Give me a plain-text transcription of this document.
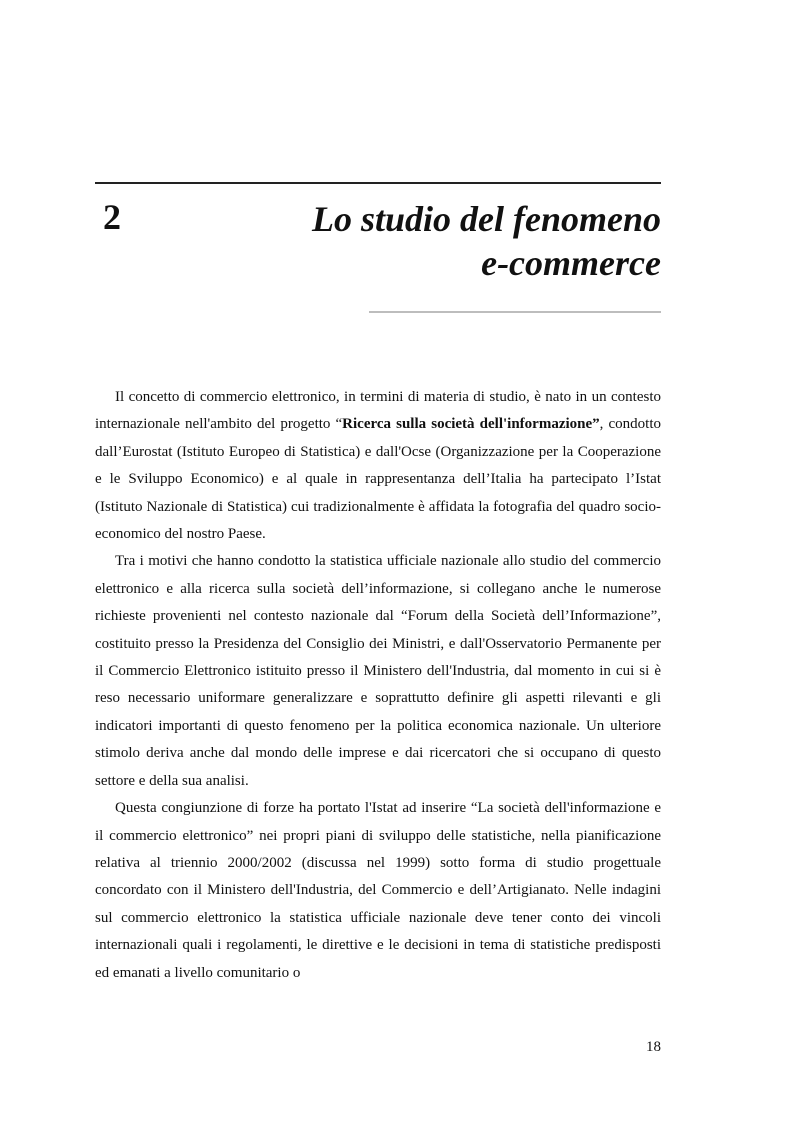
2	Lo studio del fenomeno
e-commerce

Il concetto di commercio elettronico, in termini di materia di studio, è nato in un contesto internazionale nell'ambito del progetto “Ricerca sulla società dell'informazione”, condotto dall’Eurostat (Istituto Europeo di Statistica) e dall'Ocse (Organizzazione per la Cooperazione e le Sviluppo Economico) e al quale in rappresentanza dell’Italia ha partecipato l’Istat (Istituto Nazionale di Statistica) cui tradizionalmente è affidata la fotografia del quadro socio-economico del nostro Paese.

Tra i motivi che hanno condotto la statistica ufficiale nazionale allo studio del commercio elettronico e alla ricerca sulla società dell’informazione, si collegano anche le numerose richieste provenienti nel contesto nazionale dal “Forum della Società dell’Informazione”, costituito presso la Presidenza del Consiglio dei Ministri, e dall'Osservatorio Permanente per il Commercio Elettronico istituito presso il Ministero dell'Industria, dal momento in cui si è reso necessario uniformare generalizzare e soprattutto definire gli aspetti rilevanti e gli indicatori importanti di questo fenomeno per la politica economica nazionale. Un ulteriore stimolo deriva anche dal mondo delle imprese e dai ricercatori che si occupano di questo settore e della sua analisi.

Questa congiunzione di forze ha portato l'Istat ad inserire “La società dell'informazione e il commercio elettronico” nei propri piani di sviluppo delle statistiche, nella pianificazione relativa al triennio 2000/2002 (discussa nel 1999) sotto forma di studio progettuale concordato con il Ministero dell'Industria, del Commercio e dell’Artigianato. Nelle indagini sul commercio elettronico la statistica ufficiale nazionale deve tener conto dei vincoli internazionali quali i regolamenti, le direttive e le decisioni in tema di statistiche predisposti ed emanati a livello comunitario o

18
